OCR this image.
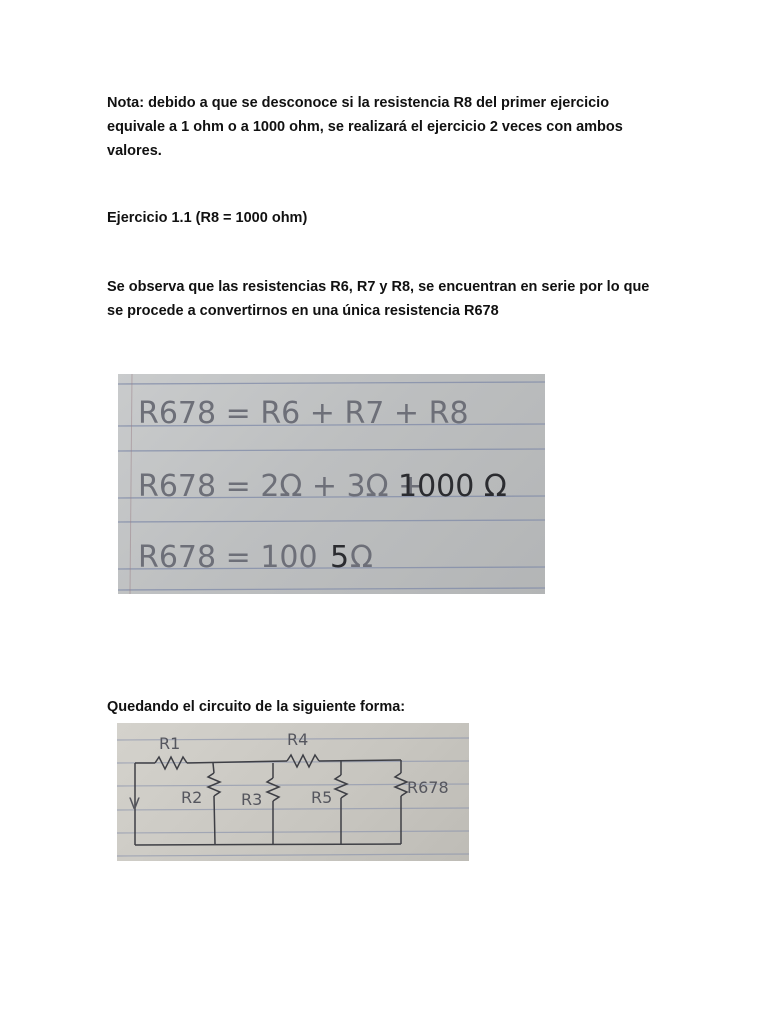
Nota: debido a que se desconoce si la resistencia R8 del primer ejercicio equivale a 1 ohm o a 1000 ohm, se realizará el ejercicio 2 veces con ambos valores.

Ejercicio 1.1 (R8 = 1000 ohm)

Se observa que las resistencias R6, R7 y R8, se encuentran en serie por lo que se procede a convertirnos en una única resistencia R678

R678 = R6 + R7 + R8
R678 = 2Ω + 3Ω +
1000 Ω
R678 = 100 5 Ω

Quedando el circuito de la siguiente forma:

R1	R4
R2 R3	R5
R678
V
